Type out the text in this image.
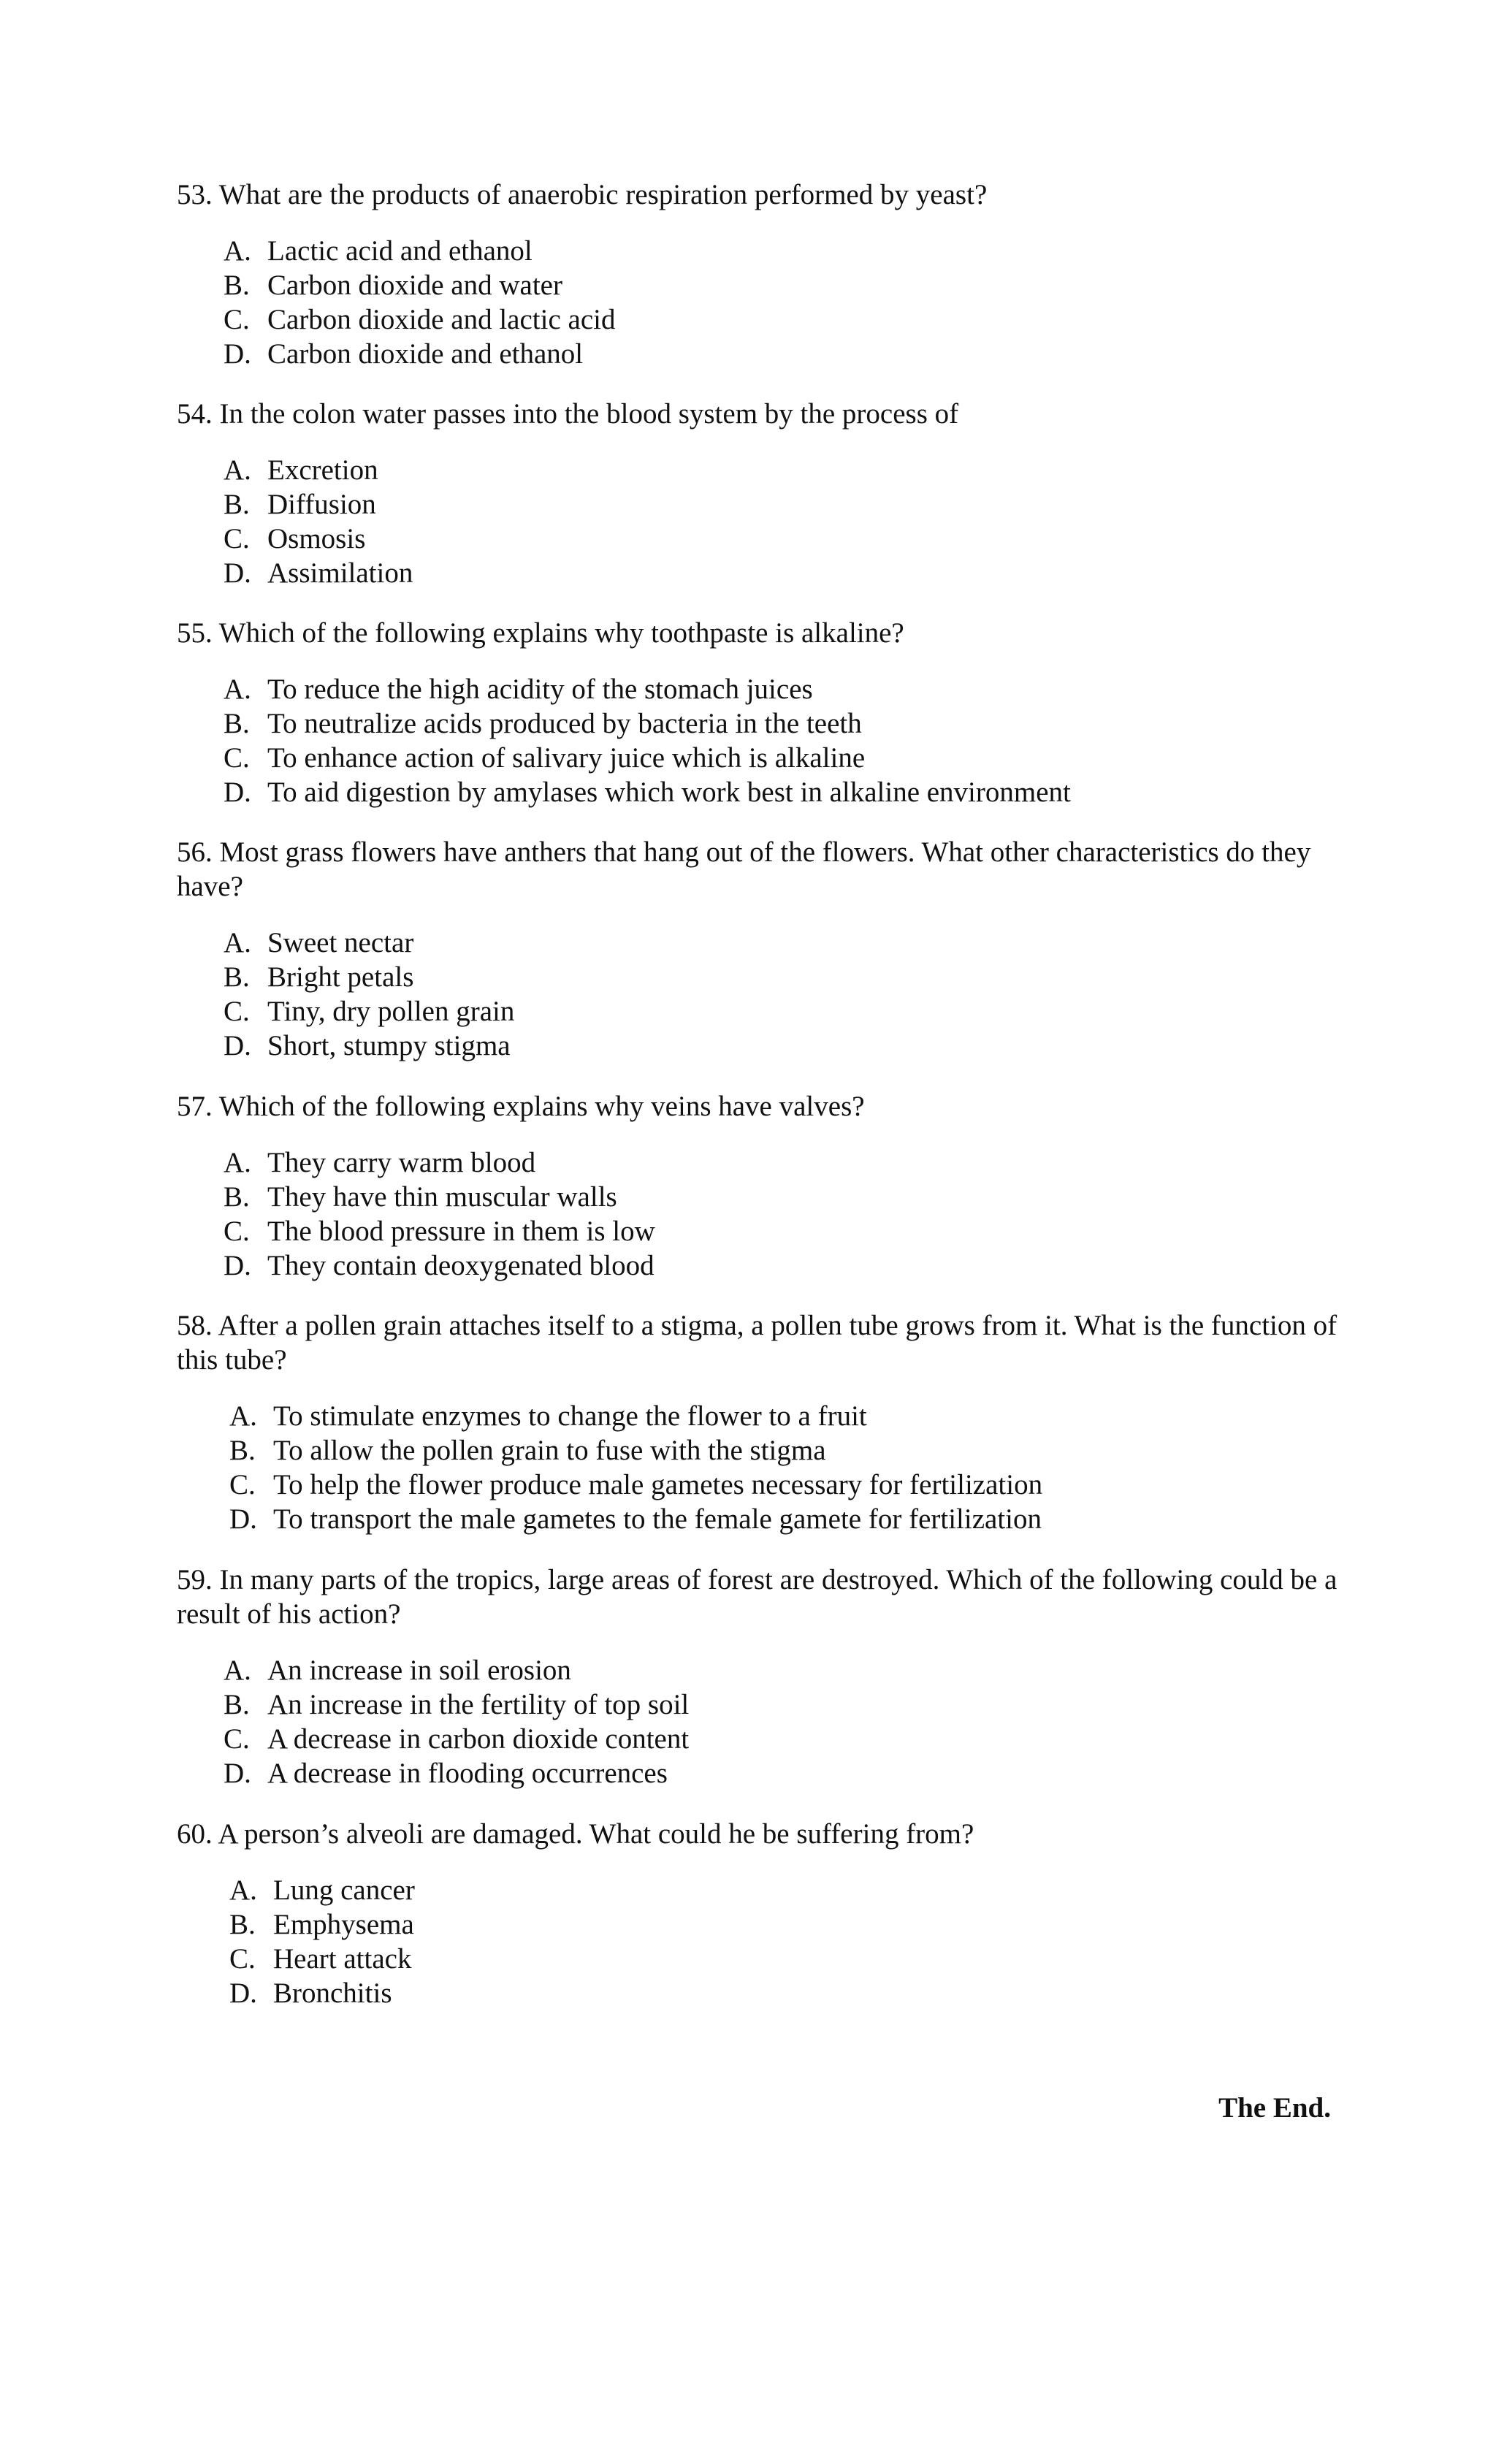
53. What are the products of anaerobic respiration performed by yeast?

A. Lactic acid and ethanol
B. Carbon dioxide and water
C. Carbon dioxide and lactic acid
D. Carbon dioxide and ethanol

54. In the colon water passes into the blood system by the process of

A. Excretion
B. Diffusion
C. Osmosis
D. Assimilation

55. Which of the following explains why toothpaste is alkaline?

A. To reduce the high acidity of the stomach juices
B. To neutralize acids produced by bacteria in the teeth
C. To enhance action of salivary juice which is alkaline
D. To aid digestion by amylases which work best in alkaline environment

56. Most grass flowers have anthers that hang out of the flowers. What other characteristics do they have?

A. Sweet nectar
B. Bright petals
C. Tiny, dry pollen grain
D. Short, stumpy stigma

57. Which of the following explains why veins have valves?

A. They carry warm blood
B. They have thin muscular walls
C. The blood pressure in them is low
D. They contain deoxygenated blood

58. After a pollen grain attaches itself to a stigma, a pollen tube grows from it. What is the function of this tube?

A. To stimulate enzymes to change the flower to a fruit
B. To allow the pollen grain to fuse with the stigma
C. To help the flower produce male gametes necessary for fertilization
D. To transport the male gametes to the female gamete for fertilization

59. In many parts of the tropics, large areas of forest are destroyed. Which of the following could be a result of his action?

A. An increase in soil erosion
B. An increase in the fertility of top soil
C. A decrease in carbon dioxide content
D. A decrease in flooding occurrences

60. A person’s alveoli are damaged. What could he be suffering from?

A. Lung cancer
B. Emphysema
C. Heart attack
D. Bronchitis
The End.
